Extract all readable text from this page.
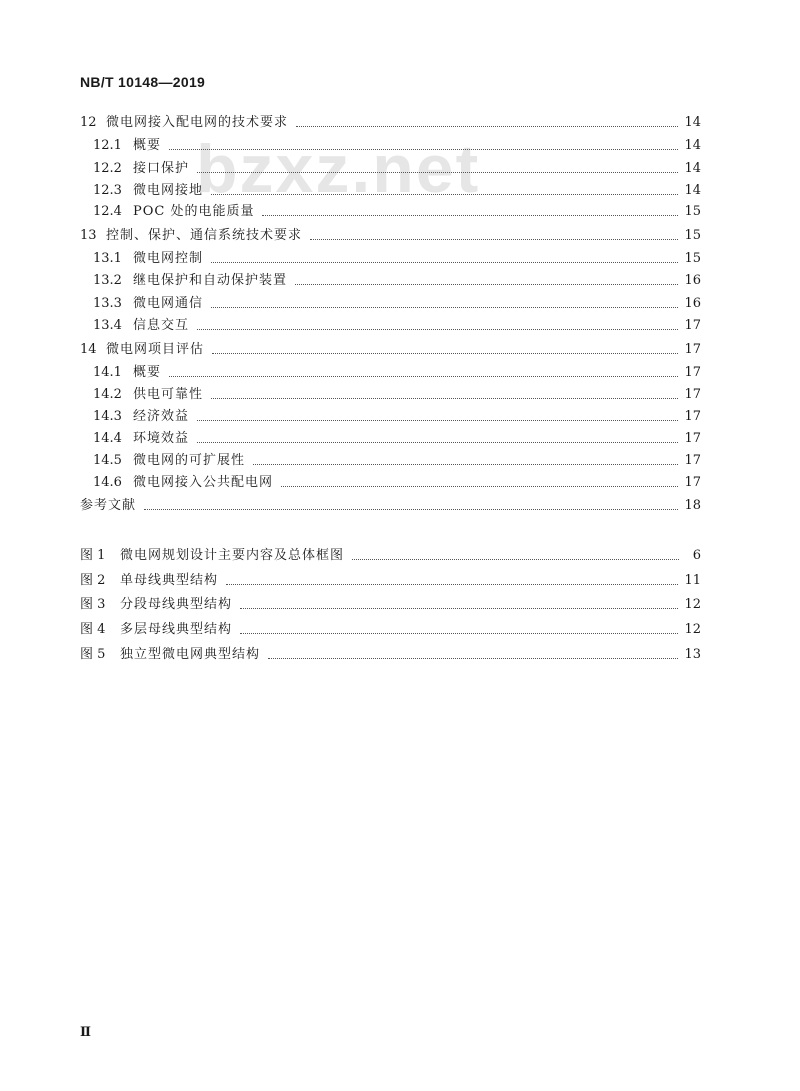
NB/T 10148—2019
bzxz.net
12 微电网接入配电网的技术要求	14
12.1 概要	14
12.2 接口保护	14
12.3 微电网接地	14
12.4 POC 处的电能质量	15
13 控制、保护、通信系统技术要求	15
13.1 微电网控制	15
13.2 继电保护和自动保护装置	16
13.3 微电网通信	16
13.4 信息交互	17
14 微电网项目评估	17
14.1 概要	17
14.2 供电可靠性	17
14.3 经济效益	17
14.4 环境效益	17
14.5 微电网的可扩展性	17
14.6 微电网接入公共配电网	17
参考文献	18
图 1	微电网规划设计主要内容及总体框图	6
图 2	单母线典型结构	11
图 3	分段母线典型结构	12
图 4	多层母线典型结构	12
图 5	独立型微电网典型结构	13
Ⅱ
